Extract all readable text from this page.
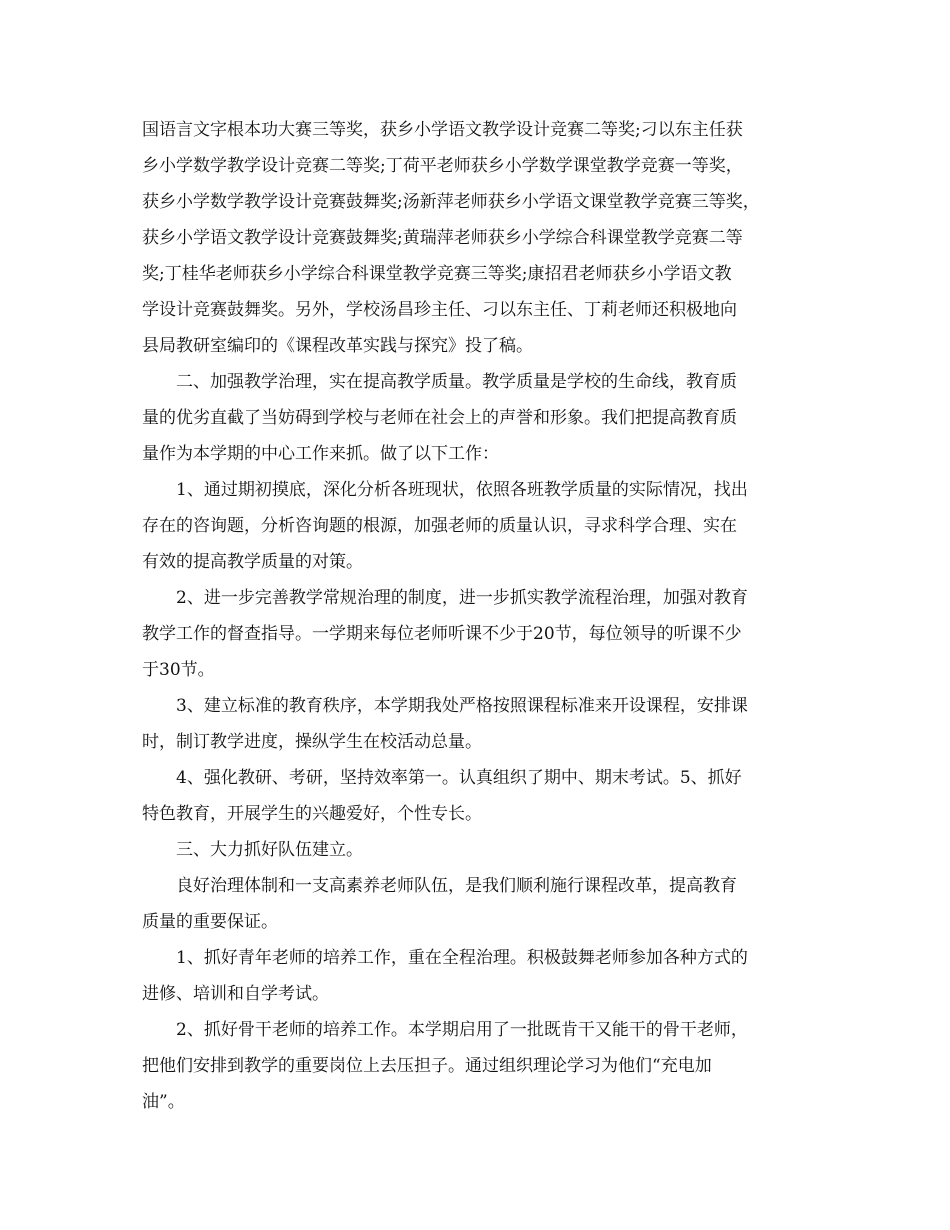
国语言文字根本功大赛三等奖，获乡小学语文教学设计竞赛二等奖;刁以东主任获
乡小学数学教学设计竞赛二等奖;丁荷平老师获乡小学数学课堂教学竞赛一等奖，
获乡小学数学教学设计竞赛鼓舞奖;汤新萍老师获乡小学语文课堂教学竞赛三等奖，
获乡小学语文教学设计竞赛鼓舞奖;黄瑞萍老师获乡小学综合科课堂教学竞赛二等
奖;丁桂华老师获乡小学综合科课堂教学竞赛三等奖;康招君老师获乡小学语文教
学设计竞赛鼓舞奖。另外，学校汤昌珍主任、刁以东主任、丁莉老师还积极地向
县局教研室编印的《课程改革实践与探究》投了稿。
二、加强教学治理，实在提高教学质量。教学质量是学校的生命线，教育质
量的优劣直截了当妨碍到学校与老师在社会上的声誉和形象。我们把提高教育质
量作为本学期的中心工作来抓。做了以下工作：
1、通过期初摸底，深化分析各班现状，依照各班教学质量的实际情况，找出
存在的咨询题，分析咨询题的根源，加强老师的质量认识，寻求科学合理、实在
有效的提高教学质量的对策。
2、进一步完善教学常规治理的制度，进一步抓实教学流程治理，加强对教育
教学工作的督查指导。一学期来每位老师听课不少于20节，每位领导的听课不少
于30节。
3、建立标准的教育秩序，本学期我处严格按照课程标准来开设课程，安排课
时，制订教学进度，操纵学生在校活动总量。
4、强化教研、考研，坚持效率第一。认真组织了期中、期末考试。5、抓好
特色教育，开展学生的兴趣爱好，个性专长。
三、大力抓好队伍建立。
良好治理体制和一支高素养老师队伍，是我们顺利施行课程改革，提高教育
质量的重要保证。
1、抓好青年老师的培养工作，重在全程治理。积极鼓舞老师参加各种方式的
进修、培训和自学考试。
2、抓好骨干老师的培养工作。本学期启用了一批既肯干又能干的骨干老师，
把他们安排到教学的重要岗位上去压担子。通过组织理论学习为他们“充电加
油”。
